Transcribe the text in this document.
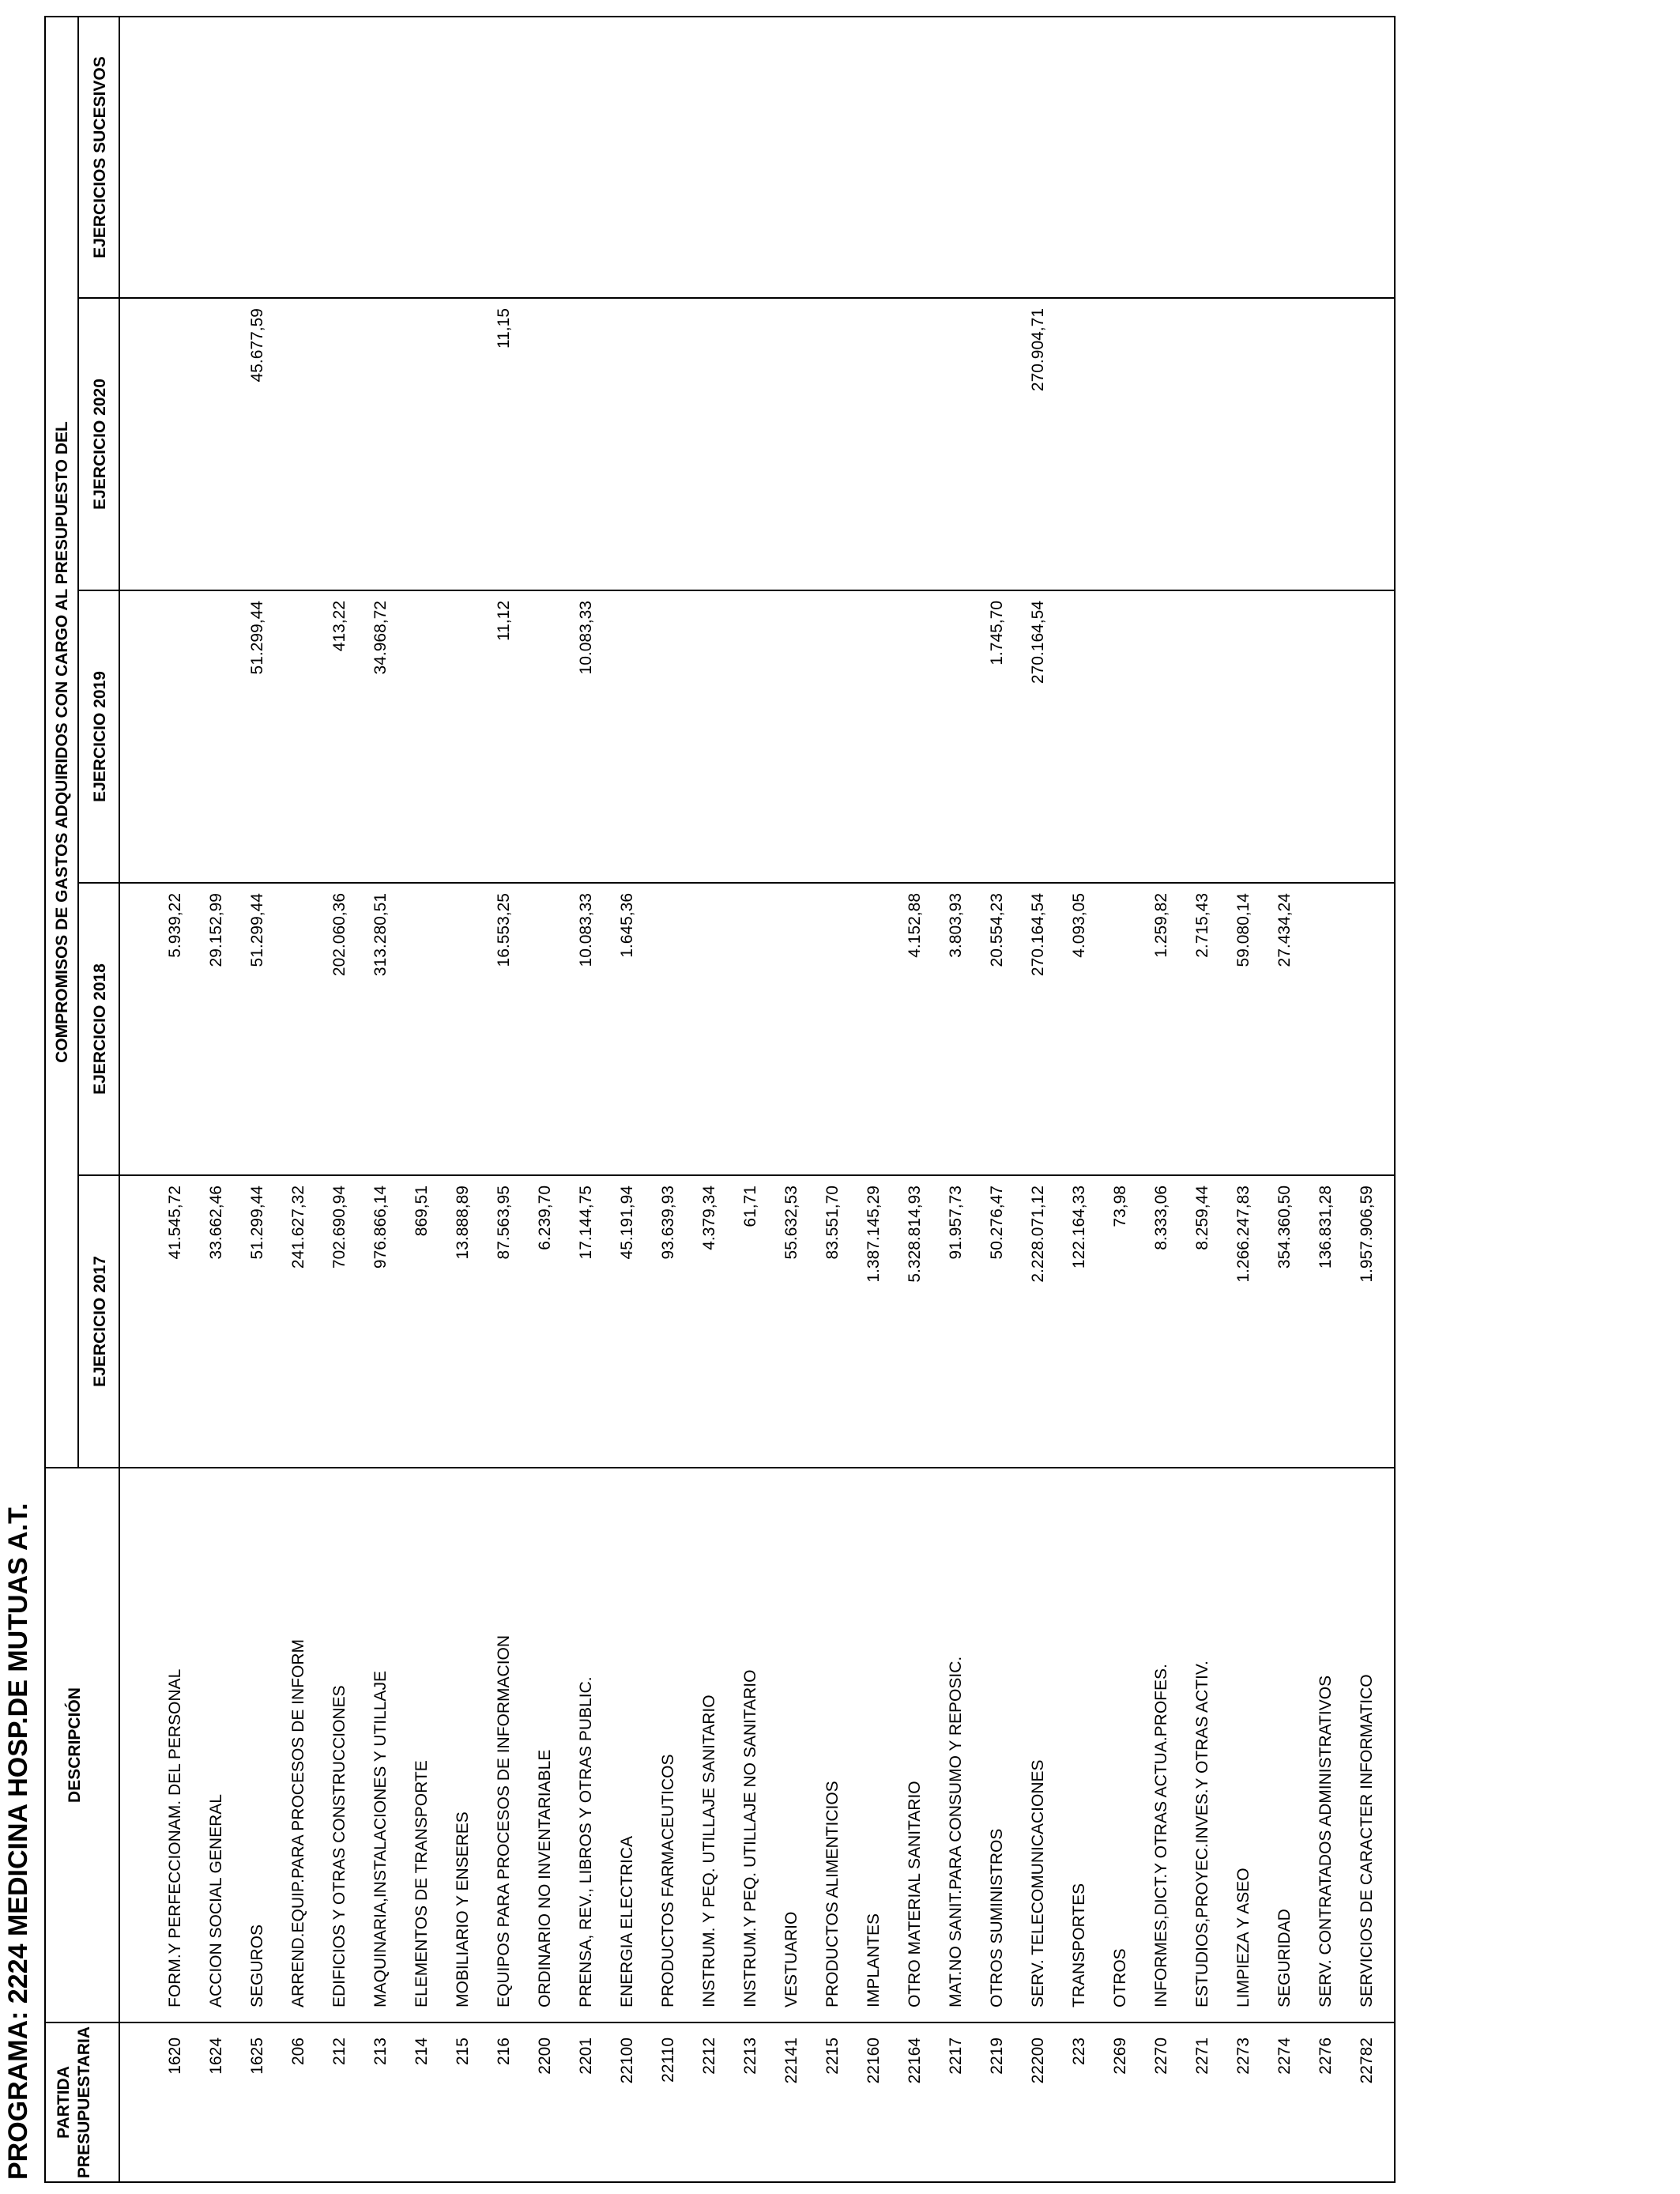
PROGRAMA: 2224 MEDICINA HOSP.DE MUTUAS A.T. PARTIDA PRESUPUESTARIA
DESCRIPCIÓN
COMPROMISOS DE GASTOS ADQUIRIDOS CON CARGO AL PRESUPUESTO DEL
EJERCICIO 2017
EJERCICIO 2018
EJERCICIO 2019
EJERCICIO 2020
EJERCICIOS SUCESIVOS
1620
FORM.Y PERFECCIONAM. DEL PERSONAL
41.545,72
5.939,22
1624
ACCION SOCIAL GENERAL
33.662,46
29.152,99
1625
SEGUROS
51.299,44
51.299,44
51.299,44
45.677,59
206
ARREND.EQUIP.PARA PROCESOS DE INFORM
241.627,32
212
EDIFICIOS Y OTRAS CONSTRUCCIONES
702.690,94
202.060,36
413,22
213
MAQUINARIA,INSTALACIONES Y UTILLAJE
976.866,14
313.280,51
34.968,72
214
ELEMENTOS DE TRANSPORTE
869,51
215
MOBILIARIO Y ENSERES
13.888,89
216
EQUIPOS PARA PROCESOS DE INFORMACION
87.563,95
16.553,25
11,12
11,15
2200
ORDINARIO NO INVENTARIABLE
6.239,70
2201
PRENSA, REV., LIBROS Y OTRAS PUBLIC.
17.144,75
10.083,33
10.083,33
22100
ENERGIA ELECTRICA
45.191,94
1.645,36
22110
PRODUCTOS FARMACEUTICOS
93.639,93
2212
INSTRUM. Y PEQ. UTILLAJE SANITARIO
4.379,34
2213
INSTRUM.Y PEQ. UTILLAJE NO SANITARIO
61,71
22141
VESTUARIO
55.632,53
2215
PRODUCTOS ALIMENTICIOS
83.551,70
22160
IMPLANTES
1.387.145,29
22164
OTRO MATERIAL SANITARIO
5.328.814,93
4.152,88
2217
MAT.NO SANIT.PARA CONSUMO Y REPOSIC.
91.957,73
3.803,93
2219
OTROS SUMINISTROS
50.276,47
20.554,23
1.745,70
22200
SERV. TELECOMUNICACIONES
2.228.071,12
270.164,54
270.164,54
270.904,71
223
TRANSPORTES
122.164,33
4.093,05
2269
OTROS
73,98
2270
INFORMES,DICT.Y OTRAS ACTUA.PROFES.
8.333,06
1.259,82
2271
ESTUDIOS,PROYEC.INVES.Y OTRAS ACTIV.
8.259,44
2.715,43
2273
LIMPIEZA Y ASEO
1.266.247,83
59.080,14
2274
SEGURIDAD
354.360,50
27.434,24
2276
SERV. CONTRATADOS ADMINISTRATIVOS
136.831,28
22782
SERVICIOS DE CARACTER INFORMATICO
1.957.906,59
